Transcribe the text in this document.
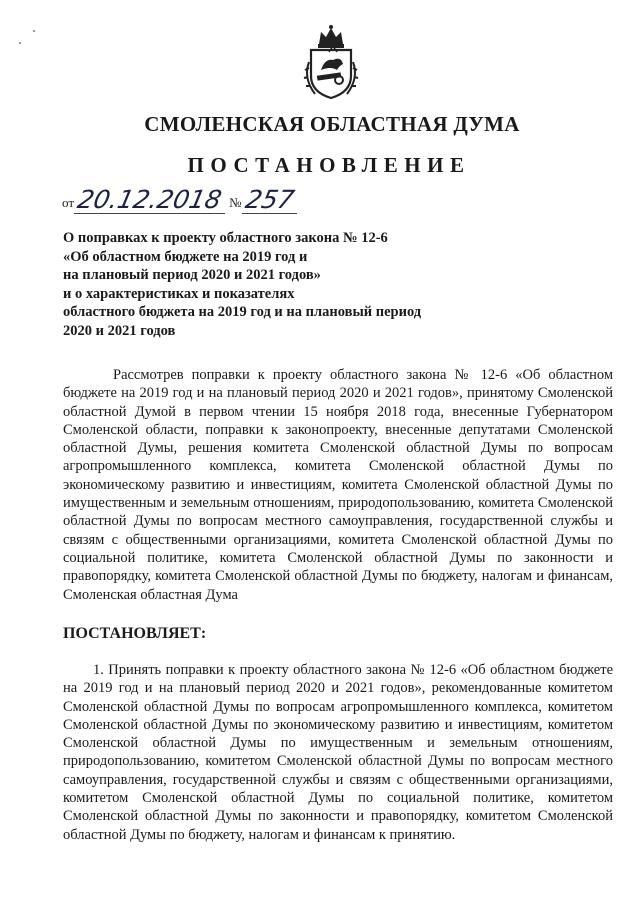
СМОЛЕНСКАЯ ОБЛАСТНАЯ ДУМА
ПОСТАНОВЛЕНИЕ
от 20.12.2018 № 257
О поправках к проекту областного закона № 12-6
«Об областном бюджете на 2019 год и
на плановый период 2020 и 2021 годов»
и о характеристиках и показателях
областного бюджета на 2019 год и на плановый период
2020 и 2021 годов

Рассмотрев поправки к проекту областного закона № 12-6 «Об областном бюджете на 2019 год и на плановый период 2020 и 2021 годов», принятому Смоленской областной Думой в первом чтении 15 ноября 2018 года, внесенные Губернатором Смоленской области, поправки к законопроекту, внесенные депутатами Смоленской областной Думы, решения комитета Смоленской областной Думы по вопросам агропромышленного комплекса, комитета Смоленской областной Думы по экономическому развитию и инвестициям, комитета Смоленской областной Думы по имущественным и земельным отношениям, природопользованию, комитета Смоленской областной Думы по вопросам местного самоуправления, государственной службы и связям с общественными организациями, комитета Смоленской областной Думы по социальной политике, комитета Смоленской областной Думы по законности и правопорядку, комитета Смоленской областной Думы по бюджету, налогам и финансам, Смоленская областная Дума

ПОСТАНОВЛЯЕТ:

1. Принять поправки к проекту областного закона № 12-6 «Об областном бюджете на 2019 год и на плановый период 2020 и 2021 годов», рекомендованные комитетом Смоленской областной Думы по вопросам агропромышленного комплекса, комитетом Смоленской областной Думы по экономическому развитию и инвестициям, комитетом Смоленской областной Думы по имущественным и земельным отношениям, природопользованию, комитетом Смоленской областной Думы по вопросам местного самоуправления, государственной службы и связям с общественными организациями, комитетом Смоленской областной Думы по социальной политике, комитетом Смоленской областной Думы по законности и правопорядку, комитетом Смоленской областной Думы по бюджету, налогам и финансам к принятию.
